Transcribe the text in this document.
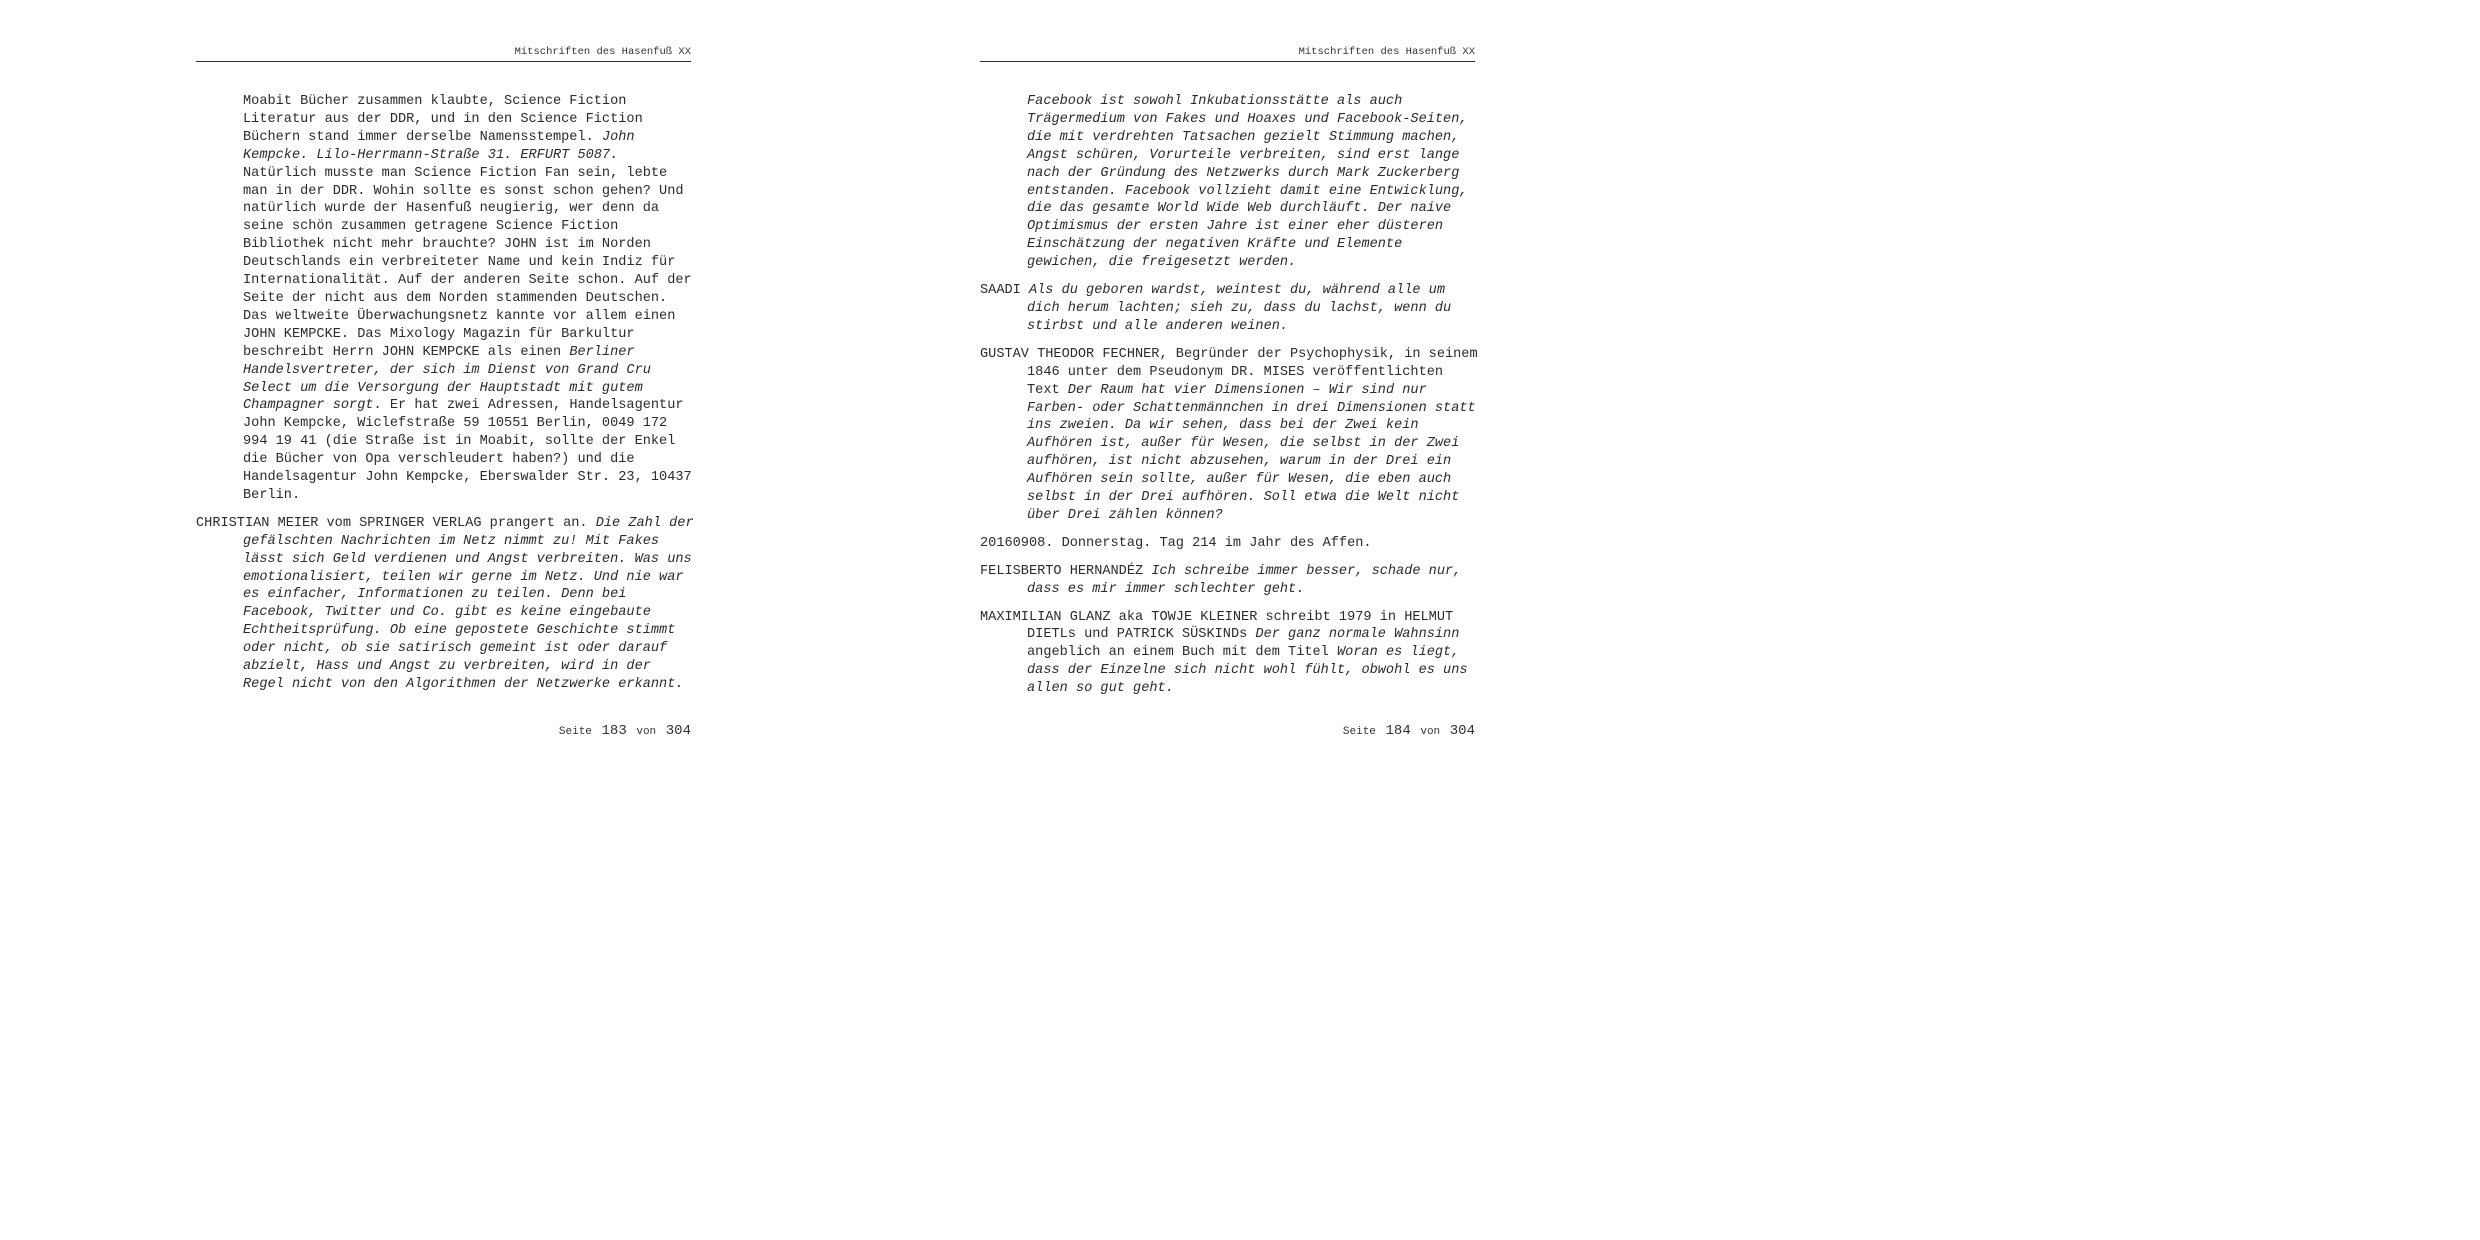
Mitschriften des Hasenfuß XX

Moabit Bücher zusammen klaubte, Science Fiction Literatur aus der DDR, und in den Science Fiction Büchern stand immer derselbe Namensstempel. John Kempcke. Lilo-Herrmann-Straße 31. ERFURT 5087. Natürlich musste man Science Fiction Fan sein, lebte man in der DDR. Wohin sollte es sonst schon gehen? Und natürlich wurde der Hasenfuß neugierig, wer denn da seine schön zusammen getragene Science Fiction Bibliothek nicht mehr brauchte? JOHN ist im Norden Deutschlands ein verbreiteter Name und kein Indiz für Internationalität. Auf der anderen Seite schon. Auf der Seite der nicht aus dem Norden stammenden Deutschen. Das weltweite Überwachungsnetz kannte vor allem einen JOHN KEMPCKE. Das Mixology Magazin für Barkultur beschreibt Herrn JOHN KEMPCKE als einen Berliner Handelsvertreter, der sich im Dienst von Grand Cru Select um die Versorgung der Hauptstadt mit gutem Champagner sorgt. Er hat zwei Adressen, Handelsagentur John Kempcke, Wiclefstraße 59 10551 Berlin, 0049 172 994 19 41 (die Straße ist in Moabit, sollte der Enkel die Bücher von Opa verschleudert haben?) und die Handelsagentur John Kempcke, Eberswalder Str. 23, 10437 Berlin.

CHRISTIAN MEIER vom SPRINGER VERLAG prangert an. Die Zahl der gefälschten Nachrichten im Netz nimmt zu! Mit Fakes lässt sich Geld verdienen und Angst verbreiten. Was uns emotionalisiert, teilen wir gerne im Netz. Und nie war es einfacher, Informationen zu teilen. Denn bei Facebook, Twitter und Co. gibt es keine eingebaute Echtheitsprüfung. Ob eine gepostete Geschichte stimmt oder nicht, ob sie satirisch gemeint ist oder darauf abzielt, Hass und Angst zu verbreiten, wird in der Regel nicht von den Algorithmen der Netzwerke erkannt.

Seite 183 von 304
Mitschriften des Hasenfuß XX

Facebook ist sowohl Inkubationsstätte als auch Trägermedium von Fakes und Hoaxes und Facebook-Seiten, die mit verdrehten Tatsachen gezielt Stimmung machen, Angst schüren, Vorurteile verbreiten, sind erst lange nach der Gründung des Netzwerks durch Mark Zuckerberg entstanden. Facebook vollzieht damit eine Entwicklung, die das gesamte World Wide Web durchläuft. Der naive Optimismus der ersten Jahre ist einer eher düsteren Einschätzung der negativen Kräfte und Elemente gewichen, die freigesetzt werden.

SAADI Als du geboren wardst, weintest du, während alle um dich herum lachten; sieh zu, dass du lachst, wenn du stirbst und alle anderen weinen.

GUSTAV THEODOR FECHNER, Begründer der Psychophysik, in seinem 1846 unter dem Pseudonym DR. MISES veröffentlichten Text Der Raum hat vier Dimensionen – Wir sind nur Farben- oder Schattenmännchen in drei Dimensionen statt ins zweien. Da wir sehen, dass bei der Zwei kein Aufhören ist, außer für Wesen, die selbst in der Zwei aufhören, ist nicht abzusehen, warum in der Drei ein Aufhören sein sollte, außer für Wesen, die eben auch selbst in der Drei aufhören. Soll etwa die Welt nicht über Drei zählen können?

20160908. Donnerstag. Tag 214 im Jahr des Affen.

FELISBERTO HERNANDÉZ Ich schreibe immer besser, schade nur, dass es mir immer schlechter geht.

MAXIMILIAN GLANZ aka TOWJE KLEINER schreibt 1979 in HELMUT DIETLs und PATRICK SÜSKINDs Der ganz normale Wahnsinn angeblich an einem Buch mit dem Titel Woran es liegt, dass der Einzelne sich nicht wohl fühlt, obwohl es uns allen so gut geht.

Seite 184 von 304
